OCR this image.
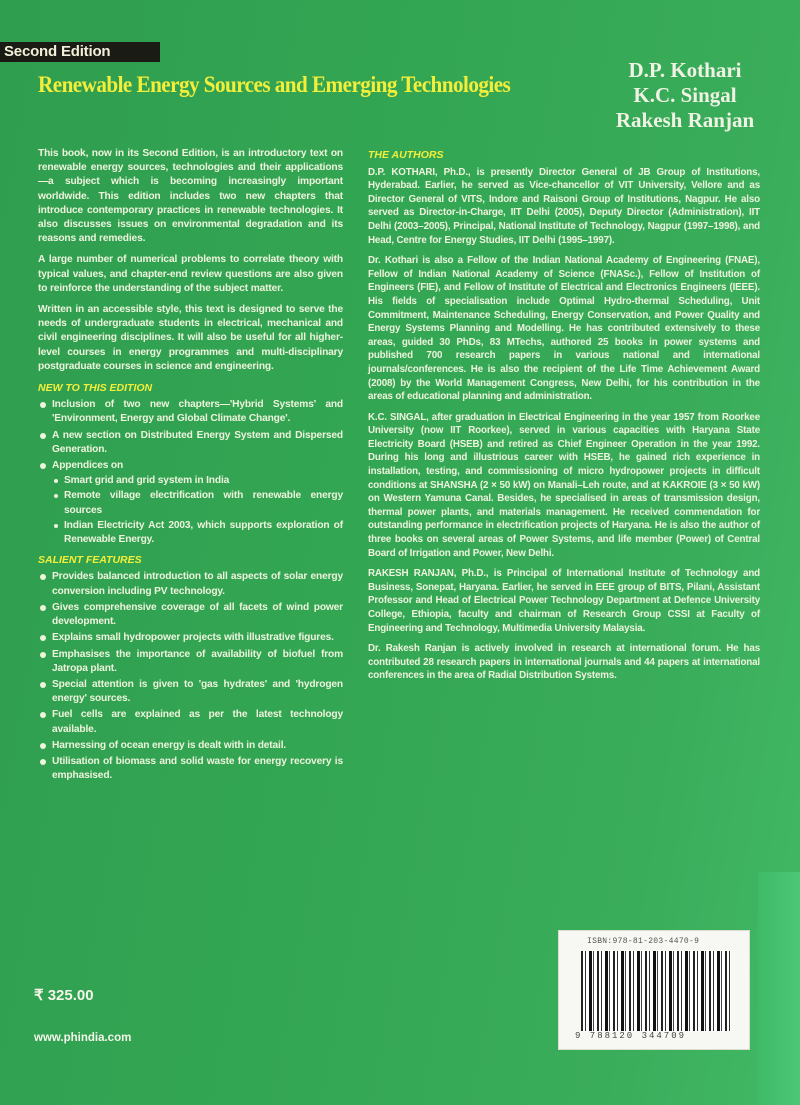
Second Edition
Renewable Energy Sources and Emerging Technologies
D.P. Kothari
K.C. Singal
Rakesh Ranjan

This book, now in its Second Edition, is an introductory text on renewable energy sources, technologies and their applications—a subject which is becoming increasingly important worldwide. This edition includes two new chapters that introduce contemporary practices in renewable technologies. It also discusses issues on environmental degradation and its reasons and remedies.

A large number of numerical problems to correlate theory with typical values, and chapter-end review questions are also given to reinforce the understanding of the subject matter.

Written in an accessible style, this text is designed to serve the needs of undergraduate students in electrical, mechanical and civil engineering disciplines. It will also be useful for all higher-level courses in energy programmes and multi-disciplinary postgraduate courses in science and engineering.

NEW TO THIS EDITION
Inclusion of two new chapters—'Hybrid Systems' and 'Environment, Energy and Global Climate Change'.
A new section on Distributed Energy System and Dispersed Generation.
Appendices on
Smart grid and grid system in India
Remote village electrification with renewable energy sources
Indian Electricity Act 2003, which supports exploration of Renewable Energy.
SALIENT FEATURES
Provides balanced introduction to all aspects of solar energy conversion including PV technology.
Gives comprehensive coverage of all facets of wind power development.
Explains small hydropower projects with illustrative figures.
Emphasises the importance of availability of biofuel from Jatropa plant.
Special attention is given to 'gas hydrates' and 'hydrogen energy' sources.
Fuel cells are explained as per the latest technology available.
Harnessing of ocean energy is dealt with in detail.
Utilisation of biomass and solid waste for energy recovery is emphasised.
THE AUTHORS

D.P. KOTHARI, Ph.D., is presently Director General of JB Group of Institutions, Hyderabad. Earlier, he served as Vice-chancellor of VIT University, Vellore and as Director General of VITS, Indore and Raisoni Group of Institutions, Nagpur. He also served as Director-in-Charge, IIT Delhi (2005), Deputy Director (Administration), IIT Delhi (2003–2005), Principal, National Institute of Technology, Nagpur (1997–1998), and Head, Centre for Energy Studies, IIT Delhi (1995–1997).

Dr. Kothari is also a Fellow of the Indian National Academy of Engineering (FNAE), Fellow of Indian National Academy of Science (FNASc.), Fellow of Institution of Engineers (FIE), and Fellow of Institute of Electrical and Electronics Engineers (IEEE). His fields of specialisation include Optimal Hydro-thermal Scheduling, Unit Commitment, Maintenance Scheduling, Energy Conservation, and Power Quality and Energy Systems Planning and Modelling. He has contributed extensively to these areas, guided 30 PhDs, 83 MTechs, authored 25 books in power systems and published 700 research papers in various national and international journals/conferences. He is also the recipient of the Life Time Achievement Award (2008) by the World Management Congress, New Delhi, for his contribution in the areas of educational planning and administration.

K.C. SINGAL, after graduation in Electrical Engineering in the year 1957 from Roorkee University (now IIT Roorkee), served in various capacities with Haryana State Electricity Board (HSEB) and retired as Chief Engineer Operation in the year 1992. During his long and illustrious career with HSEB, he gained rich experience in installation, testing, and commissioning of micro hydropower projects in difficult conditions at SHANSHA (2 × 50 kW) on Manali–Leh route, and at KAKROIE (3 × 50 kW) on Western Yamuna Canal. Besides, he specialised in areas of transmission design, thermal power plants, and materials management. He received commendation for outstanding performance in electrification projects of Haryana. He is also the author of three books on several areas of Power Systems, and life member (Power) of Central Board of Irrigation and Power, New Delhi.

RAKESH RANJAN, Ph.D., is Principal of International Institute of Technology and Business, Sonepat, Haryana. Earlier, he served in EEE group of BITS, Pilani, Assistant Professor and Head of Electrical Power Technology Department at Defence University College, Ethiopia, faculty and chairman of Research Group CSSI at Faculty of Engineering and Technology, Multimedia University Malaysia.

Dr. Rakesh Ranjan is actively involved in research at international forum. He has contributed 28 research papers in international journals and 44 papers at international conferences in the area of Radial Distribution Systems.

₹ 325.00
www.phindia.com
ISBN:978-81-203-4470-9
9 788120 344709
